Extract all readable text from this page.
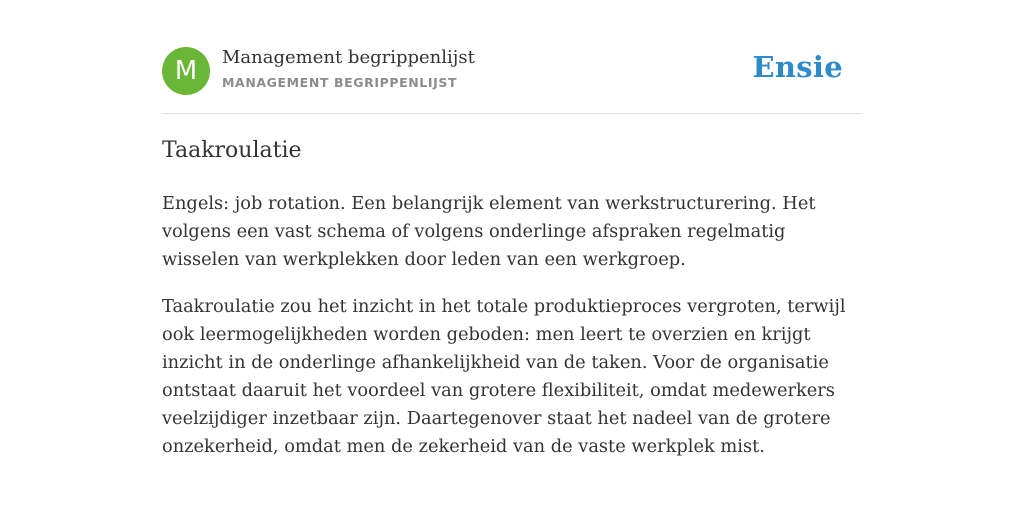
M	Management begrippenlijst
MANAGEMENT BEGRIPPENLIJST	Ensie
Taakroulatie

Engels: job rotation. Een belangrijk element van werkstructurering. Het volgens een vast schema of volgens onderlinge afspraken regelmatig wisselen van werkplekken door leden van een werkgroep.

Taakroulatie zou het inzicht in het totale produktieproces vergroten, terwijl ook leermogelijkheden worden geboden: men leert te overzien en krijgt inzicht in de onderlinge afhankelijkheid van de taken. Voor de organisatie ontstaat daaruit het voordeel van grotere flexibiliteit, omdat medewerkers veelzijdiger inzetbaar zijn. Daartegenover staat het nadeel van de grotere onzekerheid, omdat men de zekerheid van de vaste werkplek mist.
